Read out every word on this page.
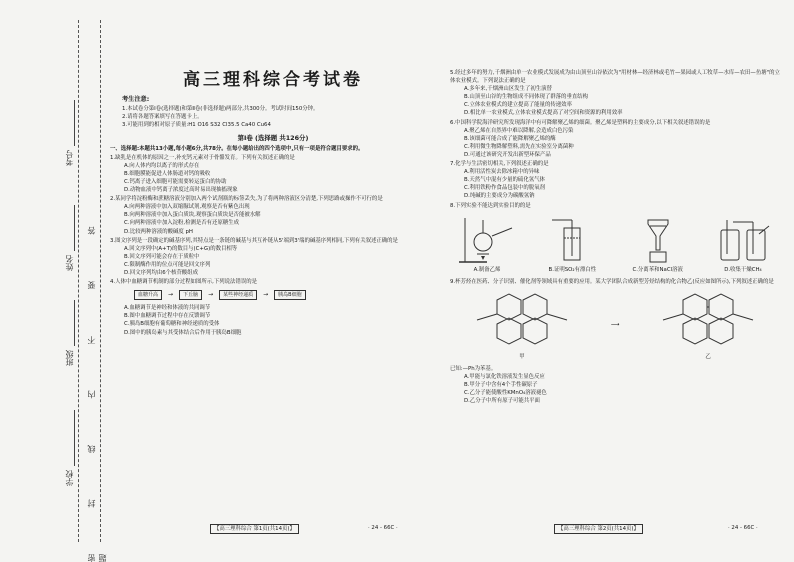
考号
姓名
班级
学校 密 封 线 内 不 要 答 题
高三理科综合考试卷
考生注意:
1.本试卷分第Ⅰ卷(选择题)和第Ⅱ卷(非选择题)两部分,共300分。考试时间150分钟。
2.请将各题答案填写在答题卡上。
3.可能用到的相对原子质量:H1 O16 S32 Cl35.5 Ca40 Cu64
第Ⅰ卷 (选择题 共126分)
一、选择题:本题共13小题,每小题6分,共78分。在每小题给出的四个选项中,只有一项是符合题目要求的。
1.缺乳是在机体的原因之一,补充钙元素对于骨骼发育。下列有关叙述正确的是
A.向人体内均以离子的形式存在
B.细胞膜能促进人体肠道对钙的吸收
C.钙离子进入细胞可能需要转运蛋白的协助
D.动物血液中钙离子浓度过高时易出现抽搐现象
2.某同学将淀粉酶和蔗糖溶液分别加入两个试剂瓶的标签丢失,为了将两种溶液区分清楚,下列思路或操作不可行的是
A.向两种溶液中加入双缩脲试剂,观察是否有紫色出现
B.向两种溶液中加入蛋白质块,观察蛋白质块是否能被水解
C.向两种溶液中加入淀粉,检测是否有还原糖生成
D.比较两种溶液的酸碱度 pH
3.图文序列是一段确定的碱基序列,其特点是一条链的碱基与其互补链从5'端到3'端的碱基序列相同,下列有关叙述正确的是
A.回文序列中(A+T)的数目与(C+G)的数目相等
B.回文序列可能会存在于质粒中
C.限制酶作用的位点可能是回文序列
D.回文序列均由6个核苷酸组成
4.人体中血糖调节机制的部分过程如图所示,下列说法错误的是
血糖升高	→	下丘脑	→	某些神经递质	→	胰岛B细胞
A.血糖调节是神经和体液的共同调节
B.图中血糖调节过程中存在反馈调节
C.胰岛B细胞有葡萄糖和神经递质的受体
D.图中的胰岛素与其受体结合后作用于胰岛B细胞
5.经过多年的努力,千烟洲由单一农业模式发展成为由山顶至山谷依次为"用材林—经济林或毛竹—果园或人工牧草—水库—农田—鱼塘"的立体农业模式。下列说法正确的是
A.多年来,千烟洲山区发生了初生演替
B.山顶至山谷的生物组成不同体现了群落的垂直结构
C.立体农业模式的建立提高了能量的传递效率
D.相比单一农业模式,立体农业模式提高了对空间和资源的利用效率
6.中国科学院海洋研究所发现海洋中有可降解聚乙烯的细菌。聚乙烯是塑料的主要成分,以下相关叙述错误的是
A.聚乙烯在自然界中难以降解,会造成白色污染
B.该细菌可能合成了能降解聚乙烯的酶
C.利用微生物降解塑料,需先在实验室分离菌种
D.可通过该研究开发出新型环保产品
7.化学与生活密切相关,下列叙述正确的是
A.利用活性炭去除冰箱中的异味
B.天然气中混有少量的硫化氢气体
C.利用铁粉作食品包装中的脱氧剂
D.纯碱的主要成分为碳酸氢钠
8.下列实验不能达到实验目的的是
A.制备乙烯	B.证明SO₂有漂白性	C.分离苯和NaCl溶液	D.收集干燥CH₄
9.杯芳烃在医药、分子识别、催化剂等领域具有重要的应用。某大学团队合成新型芳烃结构的化合物乙(反应如图所示),下列叙述正确的是
甲
⟶
乙
已知:—Ph为苯基。
A.甲能与氯化铁溶液发生显色反应
B.甲分子中含有4个手性碳原子
C.乙分子能使酸性KMnO₄溶液褪色
D.乙分子中所有原子可能共平面
【高三理科综合 第1页(共14页)】	· 24 - 66C ·	【高三理科综合 第2页(共14页)】	· 24 - 66C ·
